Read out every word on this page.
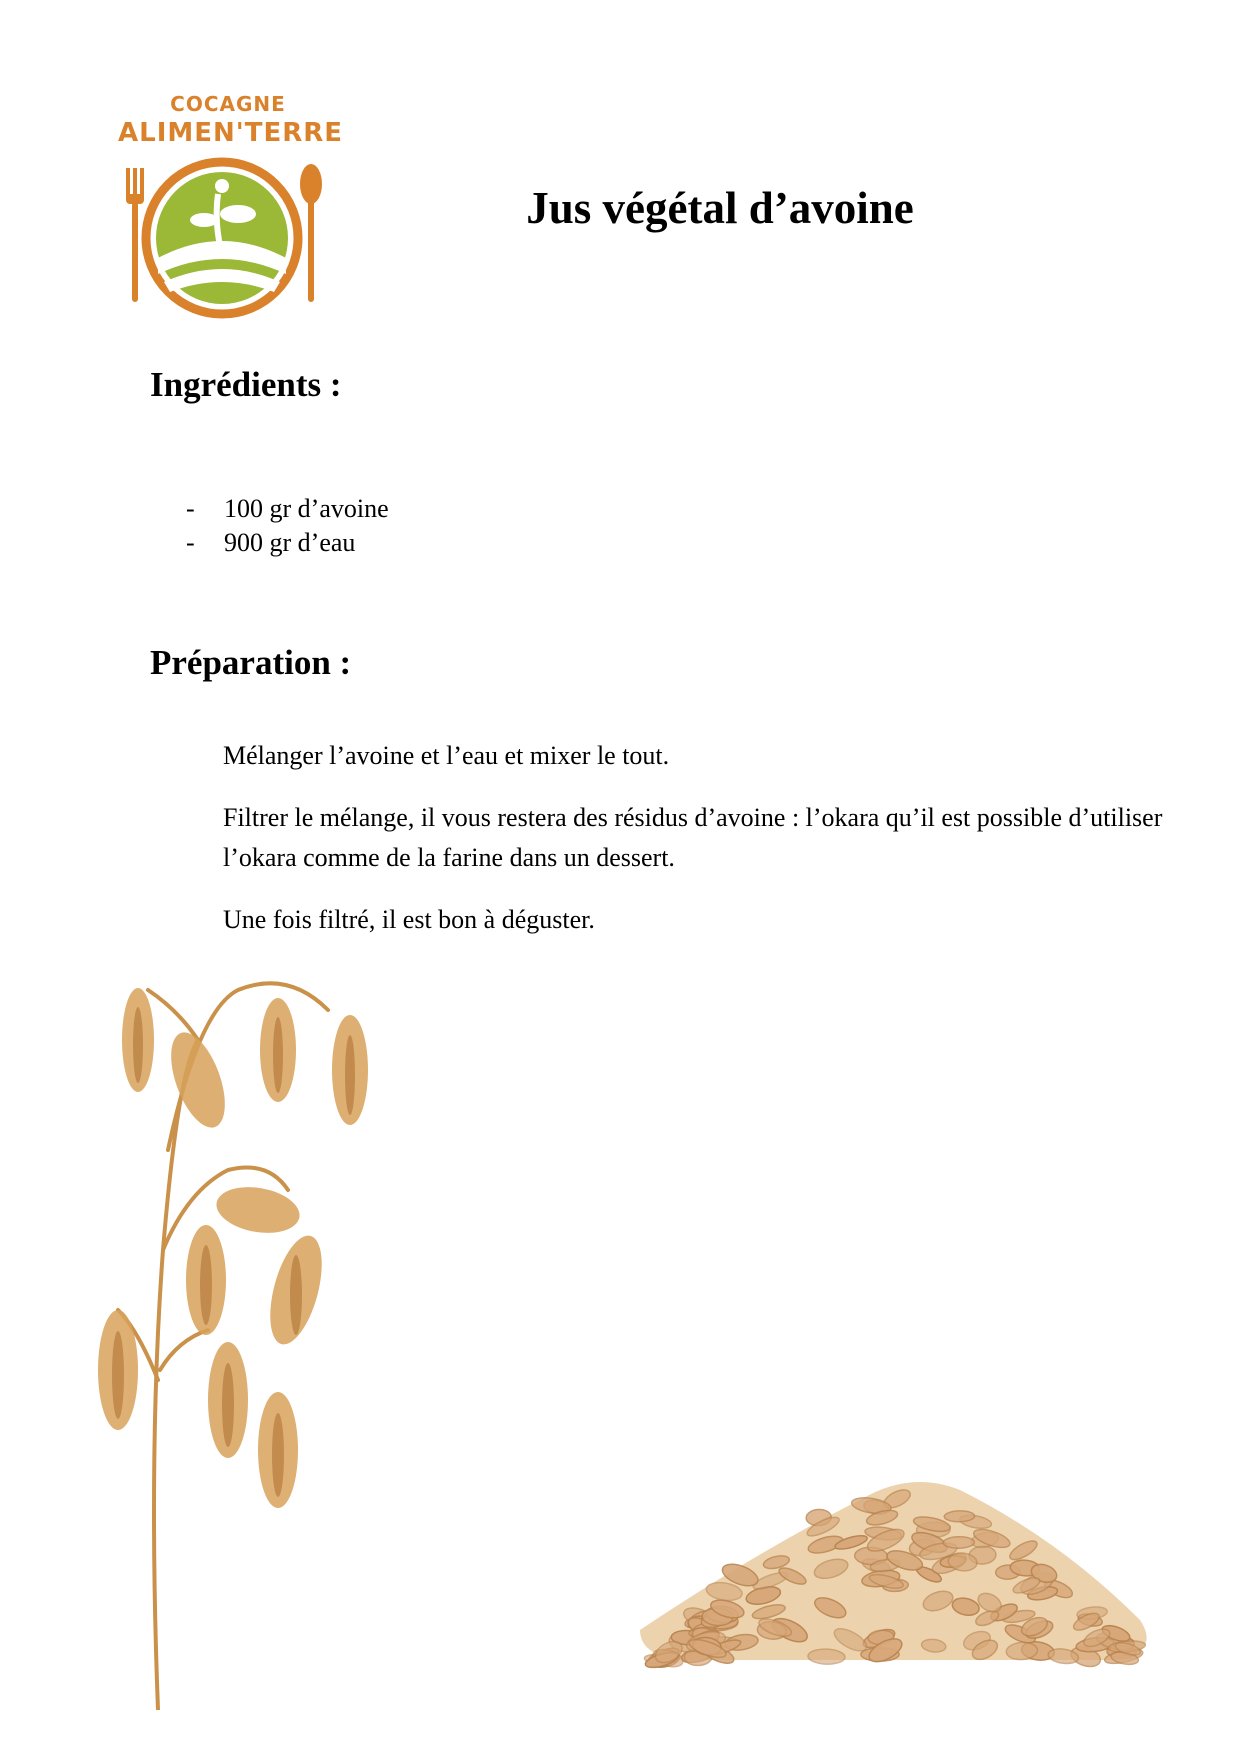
COCAGNE
ALIMEN'TERRE
Jus végétal d’avoine
Ingrédients :
- 100 gr d’avoine
- 900 gr d’eau
Préparation :

Mélanger l’avoine et l’eau et mixer le tout.

Filtrer le mélange, il vous restera des résidus d’avoine : l’okara qu’il est possible d’utiliser l’okara comme de la farine dans un dessert.

Une fois filtré, il est bon à déguster.
